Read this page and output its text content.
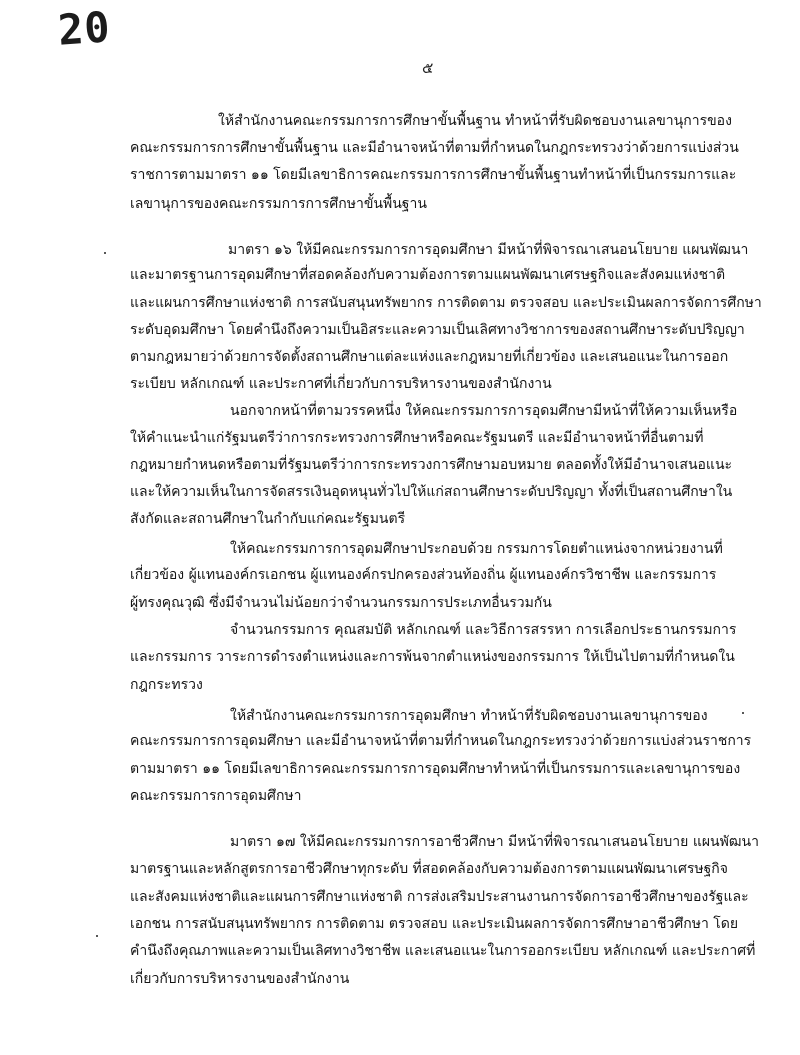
20
๕
ให้สำนักงานคณะกรรมการการศึกษาขั้นพื้นฐาน ทำหน้าที่รับผิดชอบงานเลขานุการของ
คณะกรรมการการศึกษาขั้นพื้นฐาน และมีอำนาจหน้าที่ตามที่กำหนดในกฎกระทรวงว่าด้วยการแบ่งส่วน
ราชการตามมาตรา ๑๑ โดยมีเลขาธิการคณะกรรมการการศึกษาขั้นพื้นฐานทำหน้าที่เป็นกรรมการและ
เลขานุการของคณะกรรมการการศึกษาขั้นพื้นฐาน
มาตรา ๑๖ ให้มีคณะกรรมการการอุดมศึกษา มีหน้าที่พิจารณาเสนอนโยบาย แผนพัฒนา
และมาตรฐานการอุดมศึกษาที่สอดคล้องกับความต้องการตามแผนพัฒนาเศรษฐกิจและสังคมแห่งชาติ
และแผนการศึกษาแห่งชาติ การสนับสนุนทรัพยากร การติดตาม ตรวจสอบ และประเมินผลการจัดการศึกษา
ระดับอุดมศึกษา โดยคำนึงถึงความเป็นอิสระและความเป็นเลิศทางวิชาการของสถานศึกษาระดับปริญญา
ตามกฎหมายว่าด้วยการจัดตั้งสถานศึกษาแต่ละแห่งและกฎหมายที่เกี่ยวข้อง และเสนอแนะในการออก
ระเบียบ หลักเกณฑ์ และประกาศที่เกี่ยวกับการบริหารงานของสำนักงาน
นอกจากหน้าที่ตามวรรคหนึ่ง ให้คณะกรรมการการอุดมศึกษามีหน้าที่ให้ความเห็นหรือ
ให้คำแนะนำแก่รัฐมนตรีว่าการกระทรวงการศึกษาหรือคณะรัฐมนตรี และมีอำนาจหน้าที่อื่นตามที่
กฎหมายกำหนดหรือตามที่รัฐมนตรีว่าการกระทรวงการศึกษามอบหมาย ตลอดทั้งให้มีอำนาจเสนอแนะ
และให้ความเห็นในการจัดสรรเงินอุดหนุนทั่วไปให้แก่สถานศึกษาระดับปริญญา ทั้งที่เป็นสถานศึกษาใน
สังกัดและสถานศึกษาในกำกับแก่คณะรัฐมนตรี
ให้คณะกรรมการการอุดมศึกษาประกอบด้วย กรรมการโดยตำแหน่งจากหน่วยงานที่
เกี่ยวข้อง ผู้แทนองค์กรเอกชน ผู้แทนองค์กรปกครองส่วนท้องถิ่น ผู้แทนองค์กรวิชาชีพ และกรรมการ
ผู้ทรงคุณวุฒิ ซึ่งมีจำนวนไม่น้อยกว่าจำนวนกรรมการประเภทอื่นรวมกัน
จำนวนกรรมการ คุณสมบัติ หลักเกณฑ์ และวิธีการสรรหา การเลือกประธานกรรมการ
และกรรมการ วาระการดำรงตำแหน่งและการพ้นจากตำแหน่งของกรรมการ ให้เป็นไปตามที่กำหนดใน
กฎกระทรวง
ให้สำนักงานคณะกรรมการการอุดมศึกษา ทำหน้าที่รับผิดชอบงานเลขานุการของ
คณะกรรมการการอุดมศึกษา และมีอำนาจหน้าที่ตามที่กำหนดในกฎกระทรวงว่าด้วยการแบ่งส่วนราชการ
ตามมาตรา ๑๑ โดยมีเลขาธิการคณะกรรมการการอุดมศึกษาทำหน้าที่เป็นกรรมการและเลขานุการของ
คณะกรรมการการอุดมศึกษา
มาตรา ๑๗ ให้มีคณะกรรมการการอาชีวศึกษา มีหน้าที่พิจารณาเสนอนโยบาย แผนพัฒนา
มาตรฐานและหลักสูตรการอาชีวศึกษาทุกระดับ ที่สอดคล้องกับความต้องการตามแผนพัฒนาเศรษฐกิจ
และสังคมแห่งชาติและแผนการศึกษาแห่งชาติ การส่งเสริมประสานงานการจัดการอาชีวศึกษาของรัฐและ
เอกชน การสนับสนุนทรัพยากร การติดตาม ตรวจสอบ และประเมินผลการจัดการศึกษาอาชีวศึกษา โดย
คำนึงถึงคุณภาพและความเป็นเลิศทางวิชาชีพ และเสนอแนะในการออกระเบียบ หลักเกณฑ์ และประกาศที่
เกี่ยวกับการบริหารงานของสำนักงาน
